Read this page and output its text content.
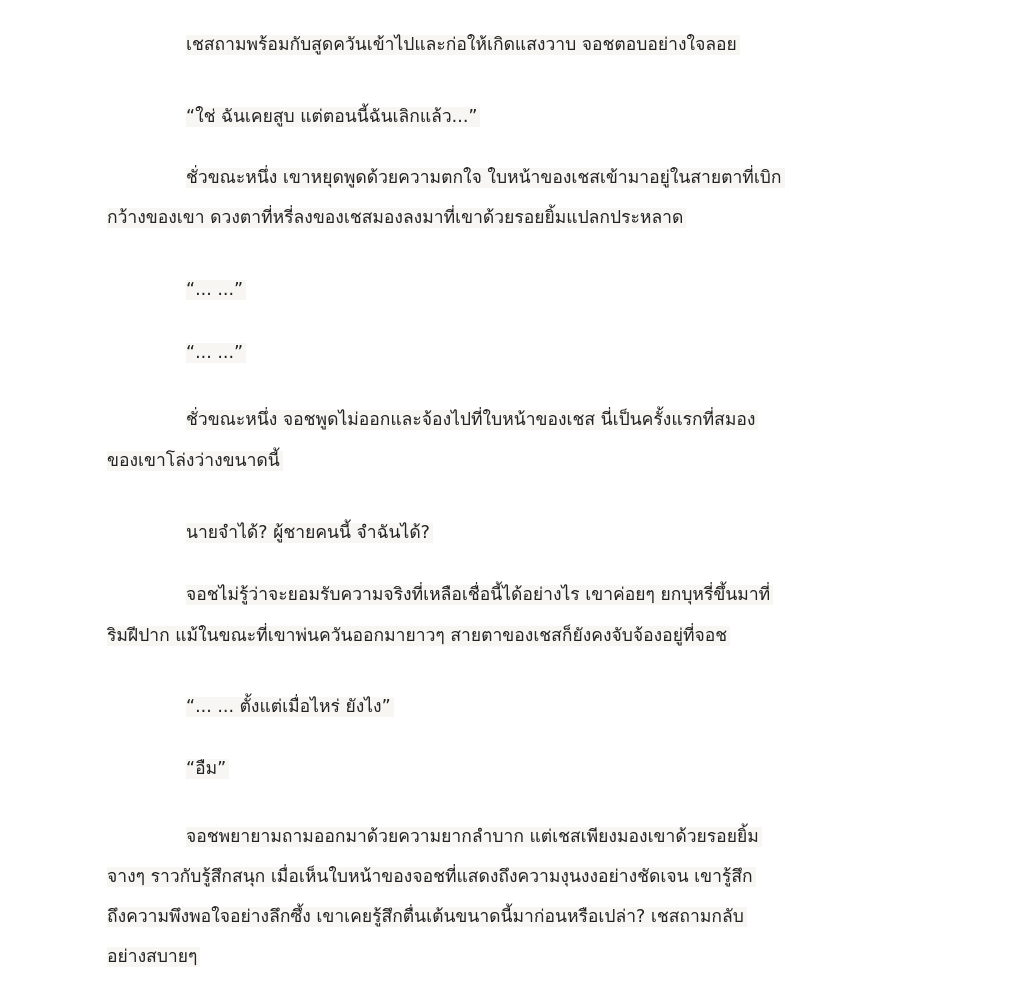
เชสถามพร้อมกับสูดควันเข้าไปและก่อให้เกิดแสงวาบ จอชตอบอย่างใจลอย
“ใช่ ฉันเคยสูบ แต่ตอนนี้ฉันเลิกแล้ว...”
ชั่วขณะหนึ่ง เขาหยุดพูดด้วยความตกใจ ใบหน้าของเชสเข้ามาอยู่ในสายตาที่เบิก
กว้างของเขา ดวงตาที่หรี่ลงของเชสมองลงมาที่เขาด้วยรอยยิ้มแปลกประหลาด
“... ...”
“... ...”
ชั่วขณะหนึ่ง จอชพูดไม่ออกและจ้องไปที่ใบหน้าของเชส นี่เป็นครั้งแรกที่สมอง
ของเขาโล่งว่างขนาดนี้
นายจำได้? ผู้ชายคนนี้ จำฉันได้?
จอชไม่รู้ว่าจะยอมรับความจริงที่เหลือเชื่อนี้ได้อย่างไร เขาค่อยๆ ยกบุหรี่ขึ้นมาที่
ริมฝีปาก แม้ในขณะที่เขาพ่นควันออกมายาวๆ สายตาของเชสก็ยังคงจับจ้องอยู่ที่จอช
“... ... ตั้งแต่เมื่อไหร่ ยังไง”
“อืม”
จอชพยายามถามออกมาด้วยความยากลำบาก แต่เชสเพียงมองเขาด้วยรอยยิ้ม
จางๆ ราวกับรู้สึกสนุก เมื่อเห็นใบหน้าของจอชที่แสดงถึงความงุนงงอย่างชัดเจน เขารู้สึก
ถึงความพึงพอใจอย่างลึกซึ้ง เขาเคยรู้สึกตื่นเต้นขนาดนี้มาก่อนหรือเปล่า? เชสถามกลับ
อย่างสบายๆ
